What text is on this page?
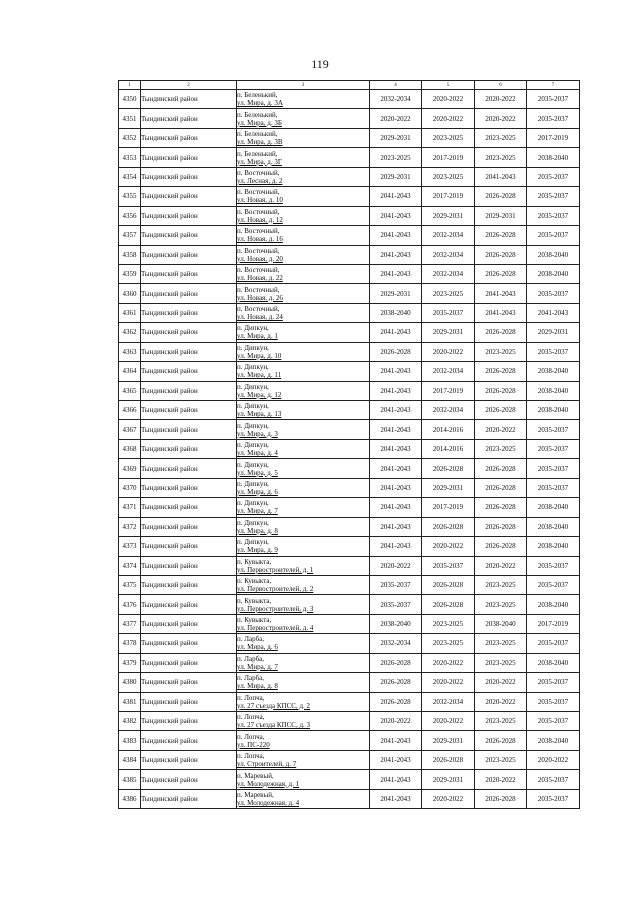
119
1	2	3	4	5	6	7
4350	Тындинский район	п. Беленький,
ул. Мира, д. 3А	2032-2034	2020-2022	2020-2022	2035-2037
4351	Тындинский район	п. Беленький,
ул. Мира, д. 3Б	2020-2022	2020-2022	2020-2022	2035-2037
4352	Тындинский район	п. Беленький,
ул. Мира, д. 3В	2029-2031	2023-2025	2023-2025	2017-2019
4353	Тындинский район	п. Беленький,
ул. Мира, д. 3Г	2023-2025	2017-2019	2023-2025	2038-2040
4354	Тындинский район	п. Восточный,
ул. Лесная, д. 2	2029-2031	2023-2025	2041-2043	2035-2037
4355	Тындинский район	п. Восточный,
ул. Новая, д. 10	2041-2043	2017-2019	2026-2028	2035-2037
4356	Тындинский район	п. Восточный,
ул. Новая, д. 12	2041-2043	2029-2031	2029-2031	2035-2037
4357	Тындинский район	п. Восточный,
ул. Новая, д. 16	2041-2043	2032-2034	2026-2028	2035-2037
4358	Тындинский район	п. Восточный,
ул. Новая, д. 20	2041-2043	2032-2034	2026-2028	2038-2040
4359	Тындинский район	п. Восточный,
ул. Новая, д. 22	2041-2043	2032-2034	2026-2028	2038-2040
4360	Тындинский район	п. Восточный,
ул. Новая, д. 26	2029-2031	2023-2025	2041-2043	2035-2037
4361	Тындинский район	п. Восточный,
ул. Новая, д. 24	2038-2040	2035-2037	2041-2043	2041-2043
4362	Тындинский район	п. Дипкун,
ул. Мира, д. 1	2041-2043	2029-2031	2026-2028	2029-2031
4363	Тындинский район	п. Дипкун,
ул. Мира, д. 10	2026-2028	2020-2022	2023-2025	2035-2037
4364	Тындинский район	п. Дипкун,
ул. Мира, д. 11	2041-2043	2032-2034	2026-2028	2038-2040
4365	Тындинский район	п. Дипкун,
ул. Мира, д. 12	2041-2043	2017-2019	2026-2028	2038-2040
4366	Тындинский район	п. Дипкун,
ул. Мира, д. 13	2041-2043	2032-2034	2026-2028	2038-2040
4367	Тындинский район	п. Дипкун,
ул. Мира, д. 3	2041-2043	2014-2016	2020-2022	2035-2037
4368	Тындинский район	п. Дипкун,
ул. Мира, д. 4	2041-2043	2014-2016	2023-2025	2035-2037
4369	Тындинский район	п. Дипкун,
ул. Мира, д. 5	2041-2043	2026-2028	2026-2028	2035-2037
4370	Тындинский район	п. Дипкун,
ул. Мира, д. 6	2041-2043	2029-2031	2026-2028	2035-2037
4371	Тындинский район	п. Дипкун,
ул. Мира, д. 7	2041-2043	2017-2019	2026-2028	2038-2040
4372	Тындинский район	п. Дипкун,
ул. Мира, д. 8	2041-2043	2026-2028	2026-2028	2038-2040
4373	Тындинский район	п. Дипкун,
ул. Мира, д. 9	2041-2043	2020-2022	2026-2028	2038-2040
4374	Тындинский район	п. Кувыкта,
ул. Первостроителей, д. 1	2020-2022	2035-2037	2020-2022	2035-2037
4375	Тындинский район	п. Кувыкта,
ул. Первостроителей, д. 2	2035-2037	2026-2028	2023-2025	2035-2037
4376	Тындинский район	п. Кувыкта,
ул. Первостроителей, д. 3	2035-2037	2026-2028	2023-2025	2038-2040
4377	Тындинский район	п. Кувыкта,
ул. Первостроителей, д. 4	2038-2040	2023-2025	2038-2040	2017-2019
4378	Тындинский район	п. Ларба,
ул. Мира, д. 6	2032-2034	2023-2025	2023-2025	2035-2037
4379	Тындинский район	п. Ларба,
ул. Мира, д. 7	2026-2028	2020-2022	2023-2025	2038-2040
4380	Тындинский район	п. Ларба,
ул. Мира, д. 8	2026-2028	2020-2022	2020-2022	2035-2037
4381	Тындинский район	п. Лопча,
ул. 27 съезда КПСС, д. 2	2026-2028	2032-2034	2020-2022	2035-2037
4382	Тындинский район	п. Лопча,
ул. 27 съезда КПСС, д. 3	2020-2022	2020-2022	2023-2025	2035-2037
4383	Тындинский район	п. Лопча,
ул. ПС-220	2041-2043	2029-2031	2026-2028	2038-2040
4384	Тындинский район	п. Лопча,
ул. Строителей, д. 7	2041-2043	2026-2028	2023-2025	2020-2022
4385	Тындинский район	п. Маревый,
ул. Молодежная, д. 1	2041-2043	2029-2031	2020-2022	2035-2037
4386	Тындинский район	п. Маревый,
ул. Молодежная, д. 4	2041-2043	2020-2022	2026-2028	2035-2037
